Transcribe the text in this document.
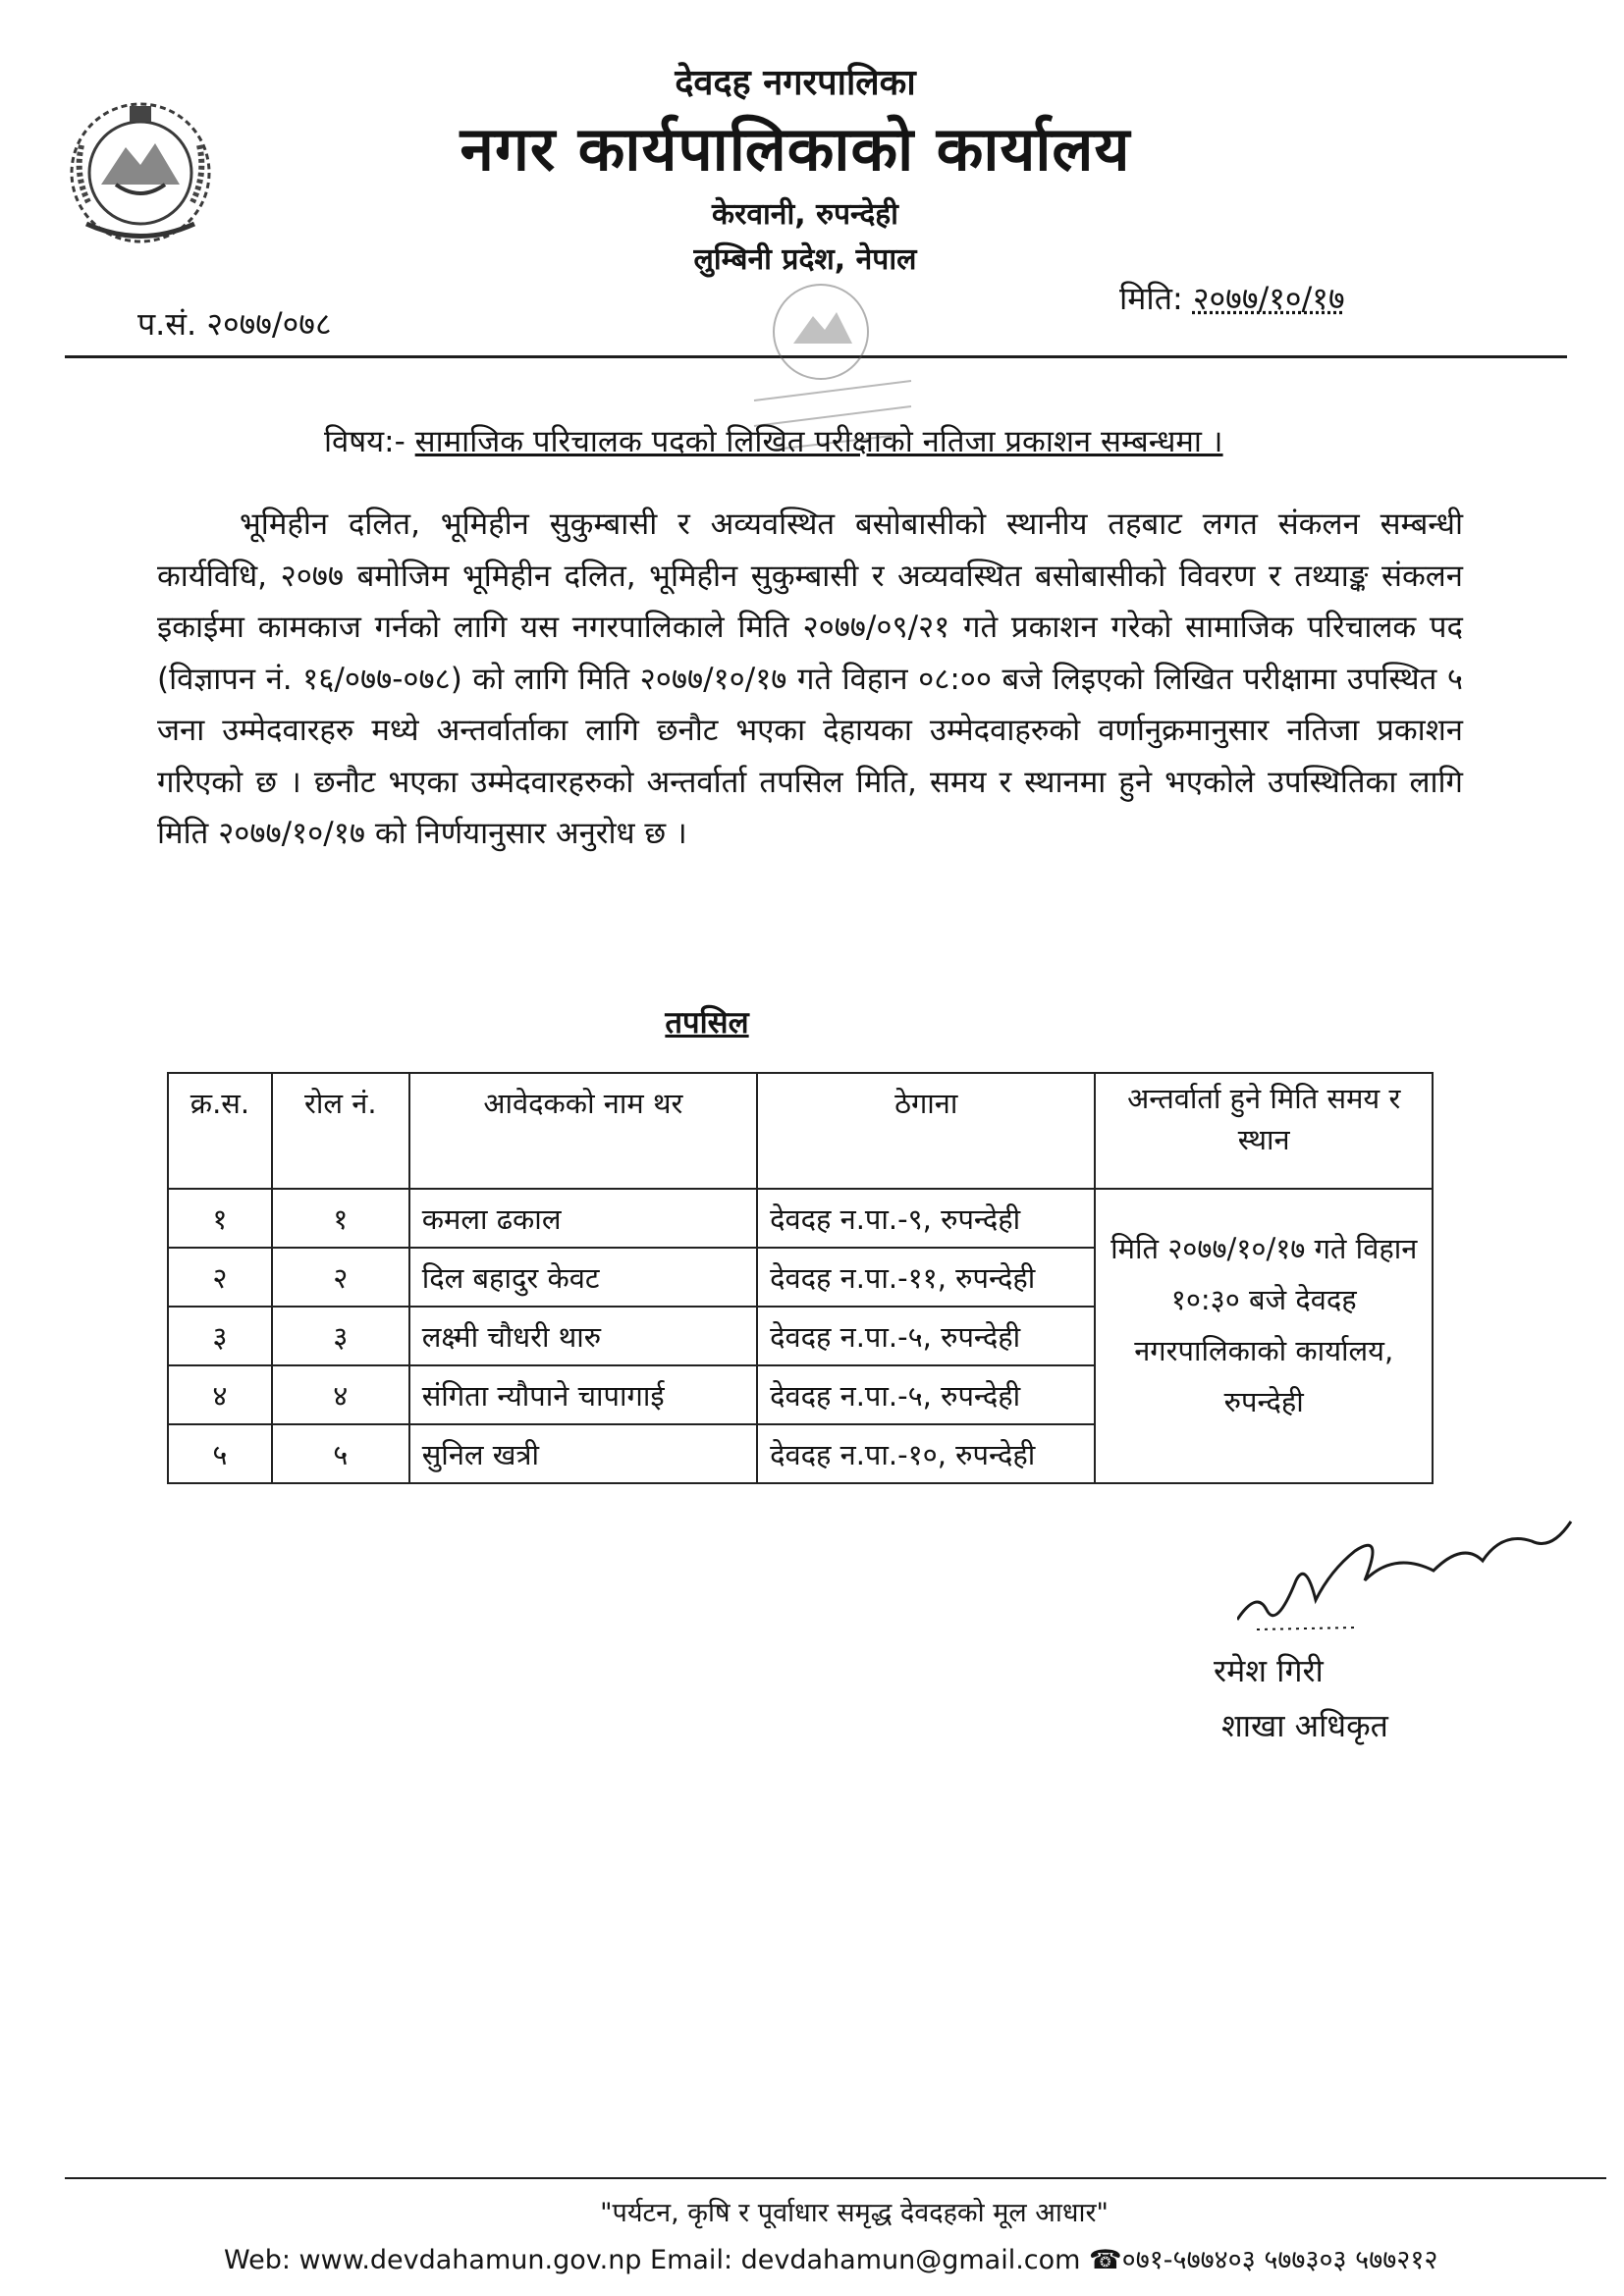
देवदह नगरपालिका
नगर कार्यपालिकाको कार्यालय
केरवानी, रुपन्देही
लुम्बिनी प्रदेश, नेपाल
प.सं. २०७७/०७८
मिति: २०७७/१०/१७
विषय:- सामाजिक परिचालक पदको लिखित परीक्षाको नतिजा प्रकाशन सम्बन्धमा ।

भूमिहीन दलित, भूमिहीन सुकुम्बासी र अव्यवस्थित बसोबासीको स्थानीय तहबाट लगत संकलन सम्बन्धी कार्यविधि, २०७७ बमोजिम भूमिहीन दलित, भूमिहीन सुकुम्बासी र अव्यवस्थित बसोबासीको विवरण र तथ्याङ्क संकलन इकाईमा कामकाज गर्नको लागि यस नगरपालिकाले मिति २०७७/०९/२१ गते प्रकाशन गरेको सामाजिक परिचालक पद (विज्ञापन नं. १६/०७७-०७८) को लागि मिति २०७७/१०/१७ गते विहान ०८:०० बजे लिइएको लिखित परीक्षामा उपस्थित ५ जना उम्मेदवारहरु मध्ये अन्तर्वार्ताका लागि छनौट भएका देहायका उम्मेदवाहरुको वर्णानुक्रमानुसार नतिजा प्रकाशन गरिएको छ । छनौट भएका उम्मेदवारहरुको अन्तर्वार्ता तपसिल मिति, समय र स्थानमा हुने भएकोले उपस्थितिका लागि मिति २०७७/१०/१७ को निर्णयानुसार अनुरोध छ ।

तपसिल
क्र.स.	रोल नं.	आवेदकको नाम थर	ठेगाना	अन्तर्वार्ता हुने मिति समय र स्थान
१	१	कमला ढकाल	देवदह न.पा.-९, रुपन्देही	मिति २०७७/१०/१७ गते विहान १०:३० बजे देवदह नगरपालिकाको कार्यालय, रुपन्देही
२	२	दिल बहादुर केवट	देवदह न.पा.-११, रुपन्देही	
३	३	लक्ष्मी चौधरी थारु	देवदह न.पा.-५, रुपन्देही	
४	४	संगिता न्यौपाने चापागाई	देवदह न.पा.-५, रुपन्देही	
५	५	सुनिल खत्री	देवदह न.पा.-१०, रुपन्देही	
रमेश गिरी
शाखा अधिकृत
"पर्यटन, कृषि र पूर्वाधार समृद्ध देवदहको मूल आधार"
Web: www.devdahamun.gov.np Email: devdahamun@gmail.com ☎०७१-५७७४०३ ५७७३०३ ५७७२१२
